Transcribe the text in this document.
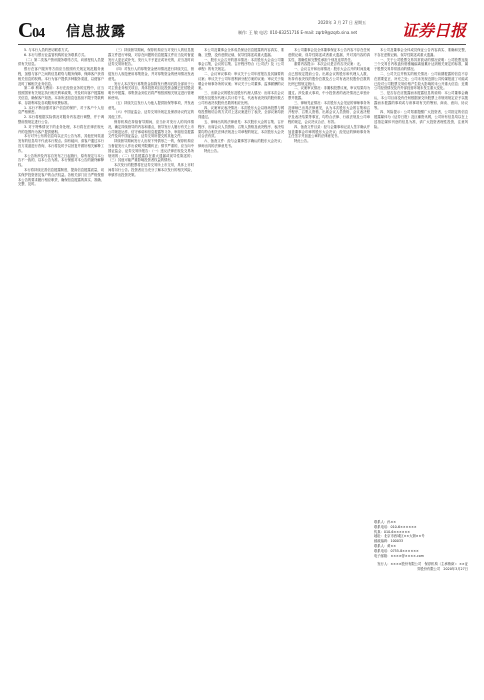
C04 信息披露
2020年 3 月 27 日 星期五
制作: 王 敏 电话: 010-83251716 E-mail: zqrb9@zqrb.sina.net	证券日报

5. 与本行人员的密切联系方式。

6. 本行与银行业监管机构的业务联系方式。

（二）第二类客户资讯服务联络方式，向被授权人员提供有关信息。

银行在客户服务等方面应当按照有关规定规范服务流程，加强与客户之间的信息联络与服务保障，保障客户获得相关信息的权利。本行为客户提供多种服务渠道，以便客户及时了解相关业务信息。

第二章 利率与费用：本行在经营业务的过程中，应当按照国家有关规定执行相关利率政策，并及时向客户披露相关信息，确保客户知悉。本条所述信息包括但不限于贷款利率、存款利率及各项服务收费标准。

1. 本行不断加强对客户信息的保护，对于客户个人信息严格保密。

2. 本行将根据实际情况对服务内容进行调整，并于调整前按规定进行公告。

3. 对于特殊情况下的业务处理，本行将在法律法规允许的范围内为客户提供便利。

本行对外公布的信息均以正式公告为准，其他任何渠道发布的信息均不代表本行观点。如有疑问，请客户通过本行官方渠道进行咨询，本行将及时予以回复并做好相关解释工作。

本公告所涉及内容自发布之日起施行，原有规定与本公告不一致的，以本公告为准。本行保留对本公告的最终解释权。

本行将持续完善信息披露制度，提高信息披露质量，切实保护投资者及客户的合法权益。各相关部门应当严格按照本公告的要求履行相应职责，确保信息披露的真实、准确、完整、及时。

（三）持续督导期间，保荐机构应当对发行人的信息披露文件进行审阅，对存在问题的信息披露文件应当及时督促发行人更正或补充，发行人不予更正或补充的，应当及时向证券交易所报告。

（四）对发行人的募集资金使用情况进行持续关注，督促发行人规范使用募集资金，并对募集资金的使用情况发表意见。

发行人本次发行募集资金扣除发行费用后将全部用于公司主营业务相关项目，具体投资项目及投资金额已在招股说明书中披露，募集资金到位后将严格按照相关规定进行管理和使用。

（五）持续关注发行人为他人提供担保等事项，并发表意见。

（六）中国证监会、证券交易所规定及保荐协议约定的其他工作。

保荐机构在持续督导期间，应当针对发行人的具体情况，确定持续督导的内容和重点，督导发行人履行有关上市公司规范运作、信守承诺和信息披露等义务，审阅信息披露文件及向中国证监会、证券交易所提交的其他文件。

持续督导期间发行人出现下列情形之一的，保荐机构应当督促发行人作出说明并限期纠正；情节严重的，应当向中国证监会、证券交易所报告：（一）违反法律法规及交易所规则的；（二）信息披露存在重大遗漏或误导性陈述的；（三）其他可能严重影响投资者权益的情形。

本次发行的股票将在证券交易所上市交易，具体上市时间将另行公告。投资者应当充分了解本次发行的相关风险，审慎作出投资决策。

本公司及董事会全体成员保证信息披露的内容真实、准确、完整，没有虚假记载、误导性陈述或重大遗漏。

一、股东大会召开的基本情况：本次股东大会由公司董事会召集，会议的召集、召开程序符合《公司法》及《公司章程》的有关规定。

二、会议审议事项：审议关于公司年度报告及其摘要的议案；审议关于公司年度利润分配方案的议案；审议关于续聘会计师事务所的议案；审议关于公司董事、监事薪酬的议案。

三、出席会议的股东及股东代理人情况：出席本次会议的股东及股东代理人共计若干名，代表有表决权的股份数占公司有表决权股份总数的相应比例。

四、议案审议表决情况：本次股东大会以现场投票与网络投票相结合的方式对上述议案进行了表决，全部议案均获得通过。

五、律师出具的法律意见：本次股东大会的召集、召开程序、出席会议人员资格、召集人资格及表决程序、表决结果均符合相关法律法规及公司章程的规定，本次股东大会决议合法有效。

六、备查文件：经与会董事签字确认的股东大会决议；律师出具的法律意见书。

特此公告。

本公司董事会及全体董事保证本公告内容不存在任何虚假记载、误导性陈述或者重大遗漏，并对其内容的真实性、准确性和完整性承担个别及连带责任。

重要内容提示：本次会议是否有否决议案：无。

一、会议召开和出席情况：股东大会召开的时间及地点已按规定提前公告。出席会议的股东和代理人人数、所持有表决权的股份总数及占公司有表决权股份总数的比例已按规定统计。

二、议案审议情况：非累积投票议案，审议结果均为通过。涉及重大事项，中小投资者的表决情况已单独计票并披露。

三、律师见证情况：本次股东大会见证的律师事务所及律师已出具法律意见，认为本次股东大会的召集和召开程序、召集人资格、出席会议人员资格、会议表决程序及表决结果等事宜，均符合法律、行政法规及公司章程的规定，会议决议合法、有效。

四、备查文件目录：经与会董事和记录人签字确认并加盖董事会印章的股东大会决议；经见证的律师事务所主任签字并加盖公章的法律意见书。

特此公告。

本公司及董事会全体成员保证公告内容真实、准确和完整，不存在虚假记载、误导性陈述或重大遗漏。

一、关于公司股票交易异常波动的情况说明：公司股票连续三个交易日内收盘价格涨幅偏离值累计达到相关规定的标准，属于股票交易异常波动的情况。

二、公司关注并核实的相关情况：公司前期披露的信息不存在需要更正、补充之处；公司未发现近期公共传媒报道了可能或已经对公司股票交易价格产生较大影响的未公开重大信息；近期公司经营情况及内外部经营环境未发生重大变化。

三、是否存在应披露而未披露信息的说明：本公司董事会确认，本公司目前没有任何根据深交所股票上市规则规定应予以披露而未披露的事项或与该事项有关的筹划、商谈、意向、协议等。

四、风险提示：公司郑重提醒广大投资者，公司指定的信息披露媒体为《证券日报》及巨潮资讯网，公司所有信息均以在上述指定媒体刊登的信息为准，请广大投资者理性投资，注意风险。

联系人：孙××

联系电话：010-6××××××

传真：010-6××××××

地址：北京市西城区××大街××号

邮政编码：100033

联系人：黄××

联系电话：0755-8××××××

电子邮箱：××××@××××.com

发行人：××××股份有限公司　保荐机构（主承销商）：××证券股份有限公司　2020年3月27日
